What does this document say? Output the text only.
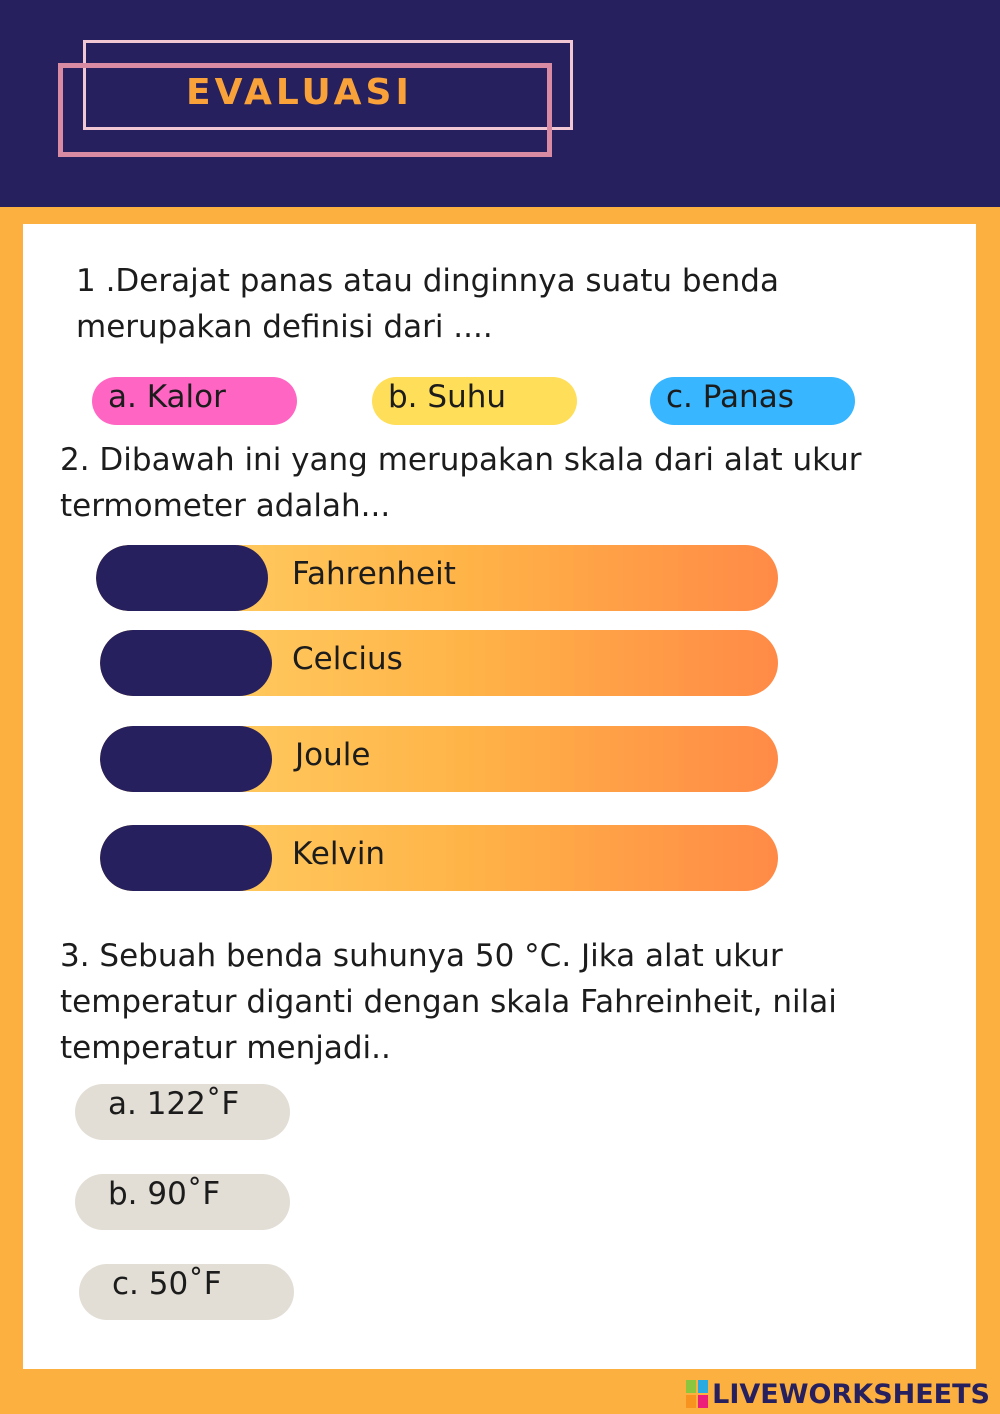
EVALUASI

1 .Derajat panas atau dinginnya suatu benda
merupakan definisi dari ....

a. Kalor	b. Suhu	c. Panas

2. Dibawah ini yang merupakan skala dari alat ukur
termometer adalah...

Fahrenheit
Celcius
Joule
Kelvin

3. Sebuah benda suhunya 50 °C. Jika alat ukur
temperatur diganti dengan skala Fahreinheit, nilai
temperatur menjadi..

a. 122˚F
b. 90˚F
c. 50˚F
LIVEWORKSHEETS
